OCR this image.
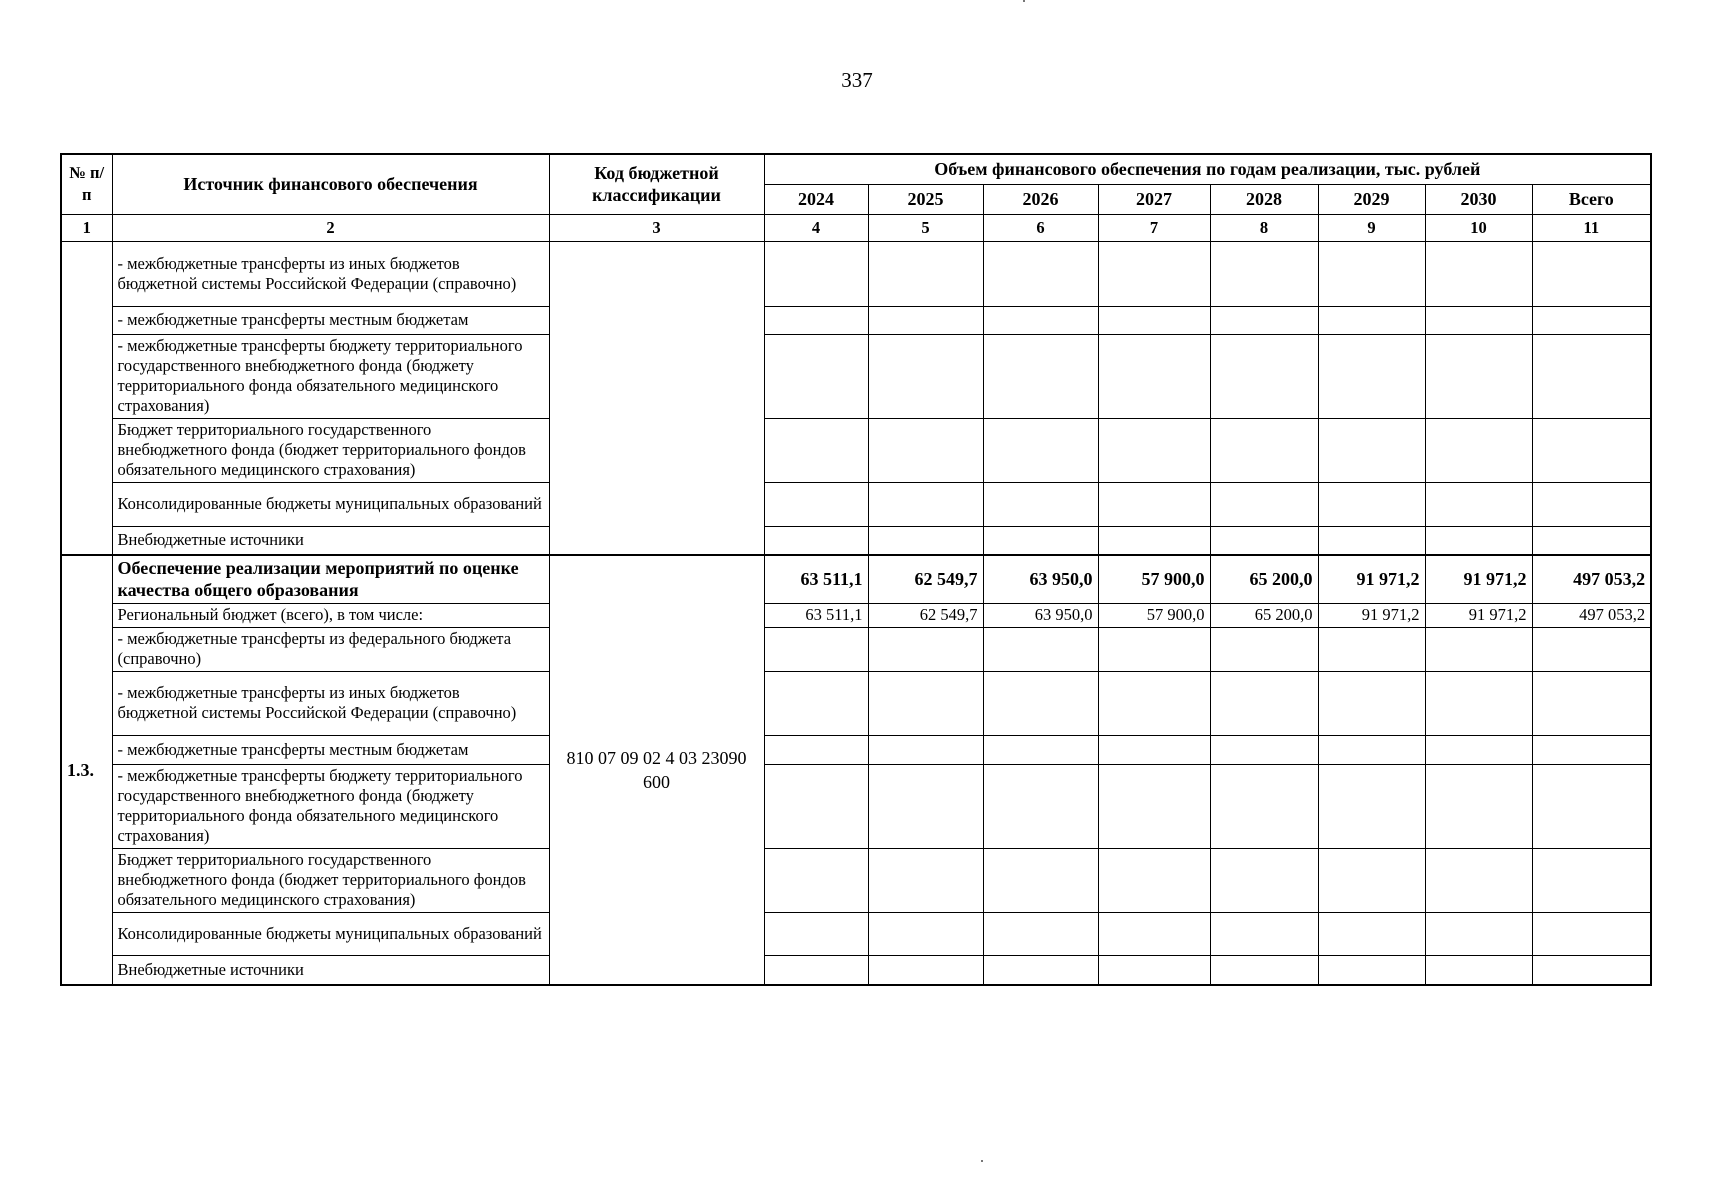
337
№ п/п	Источник финансового обеспечения	Код бюджетной классификации	Объем финансового обеспечения по годам реализации, тыс. рублей							
			2024	2025	2026	2027	2028	2029	2030	Всего
1	2	3	4	5	6	7	8	9	10	11
	- межбюджетные трансферты из иных бюджетов бюджетной системы Российской Федерации (справочно)									
	- межбюджетные трансферты местным бюджетам									
	- межбюджетные трансферты бюджету территориального государственного внебюджетного фонда (бюджету территориального фонда обязательного медицинского страхования)									
	Бюджет территориального государственного внебюджетного фонда (бюджет территориального фондов обязательного медицинского страхования)									
	Консолидированные бюджеты муниципальных образований									
	Внебюджетные источники									
1.3.	Обеспечение реализации мероприятий по оценке качества общего образования	810 07 09 02 4 03 23090 600	63 511,1	62 549,7	63 950,0	57 900,0	65 200,0	91 971,2	91 971,2	497 053,2
	Региональный бюджет (всего), в том числе:		63 511,1	62 549,7	63 950,0	57 900,0	65 200,0	91 971,2	91 971,2	497 053,2
	- межбюджетные трансферты из федерального бюджета (справочно)									
	- межбюджетные трансферты из иных бюджетов бюджетной системы Российской Федерации (справочно)									
	- межбюджетные трансферты местным бюджетам									
	- межбюджетные трансферты бюджету территориального государственного внебюджетного фонда (бюджету территориального фонда обязательного медицинского страхования)									
	Бюджет территориального государственного внебюджетного фонда (бюджет территориального фондов обязательного медицинского страхования)									
	Консолидированные бюджеты муниципальных образований									
	Внебюджетные источники									
